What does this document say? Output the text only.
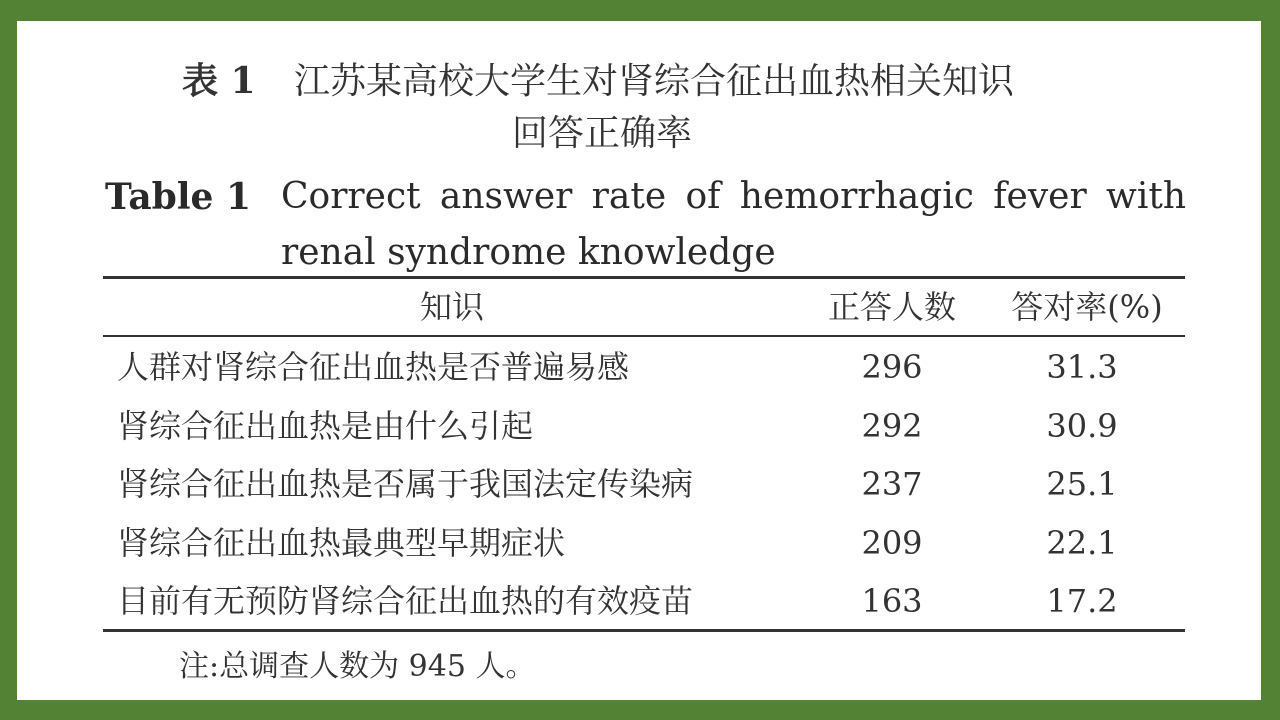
表 1 江苏某高校大学生对肾综合征出血热相关知识
回答正确率
Table 1 Correct answer rate of hemorrhagic fever with renal syndrome knowledge
知识	正答人数	答对率(%)
人群对肾综合征出血热是否普遍易感	296	31.3
肾综合征出血热是由什么引起	292	30.9
肾综合征出血热是否属于我国法定传染病	237	25.1
肾综合征出血热最典型早期症状	209	22.1
目前有无预防肾综合征出血热的有效疫苗	163	17.2
注:总调查人数为 945 人。
